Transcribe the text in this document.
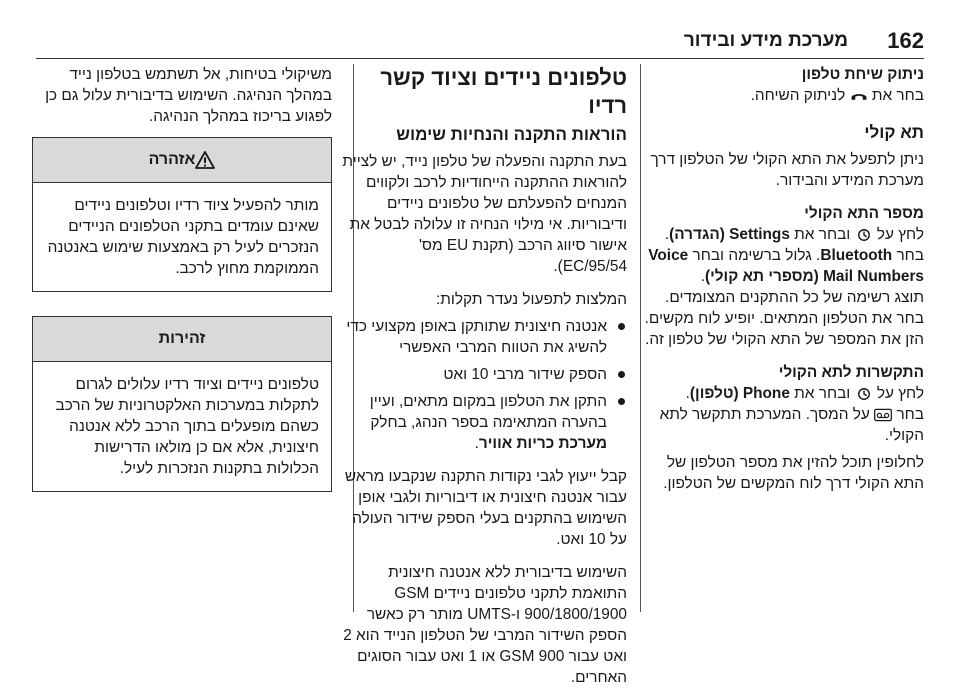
162
מערכת מידע ובידור

ניתוק שיחת טלפון

בחר את  לניתוק השיחה.

תא קולי

ניתן לתפעל את התא הקולי של הטלפון דרך מערכת המידע והבידור.

מספר התא הקולי

לחץ על  ובחר את Settings (הגדרה).

בחר Bluetooth. גלול ברשימה ובחר Voice Mail Numbers (מספרי תא קולי).

תוצג רשימה של כל ההתקנים המצומדים.

בחר את הטלפון המתאים. יופיע לוח מקשים.

הזן את המספר של התא הקולי של טלפון זה.

התקשרות לתא הקולי

לחץ על  ובחר את Phone (טלפון).

בחר  על המסך. המערכת תתקשר לתא הקולי.

לחלופין תוכל להזין את מספר הטלפון של התא הקולי דרך לוח המקשים של הטלפון.

טלפונים ניידים וציוד קשר רדיו

הוראות התקנה והנחיות שימוש

בעת התקנה והפעלה של טלפון נייד, יש לציית להוראות ההתקנה הייחודיות לרכב ולקווים המנחים להפעלתם של טלפונים ניידים ודיבוריות. אי מילוי הנחיה זו עלולה לבטל את אישור סיווג הרכב (תקנת EU מס' 95/54/EC).

המלצות לתפעול נעדר תקלות:

אנטנה חיצונית שתותקן באופן מקצועי כדי להשיג את הטווח המרבי האפשרי
הספק שידור מרבי 10 ואט
התקן את הטלפון במקום מתאים, ועיין בהערה המתאימה בספר הנהג, בחלק מערכת כריות אוויר.

קבל ייעוץ לגבי נקודות התקנה שנקבעו מראש עבור אנטנה חיצונית או דיבוריות ולגבי אופן השימוש בהתקנים בעלי הספק שידור העולה על 10 ואט.

השימוש בדיבורית ללא אנטנה חיצונית התואמת לתקני טלפונים ניידים GSM 900/1800/1900 ו-UMTS מותר רק כאשר הספק השידור המרבי של הטלפון הנייד הוא 2 ואט עבור GSM 900 או 1 ואט עבור הסוגים האחרים.

משיקולי בטיחות, אל תשתמש בטלפון נייד במהלך הנהיגה. השימוש בדיבורית עלול גם כן לפגוע בריכוז במהלך הנהיגה.

אזהרה
מותר להפעיל ציוד רדיו וטלפונים ניידים שאינם עומדים בתקני הטלפונים הניידים הנזכרים לעיל רק באמצעות שימוש באנטנה הממוקמת מחוץ לרכב.
זהירות
טלפונים ניידים וציוד רדיו עלולים לגרום לתקלות במערכות האלקטרוניות של הרכב כשהם מופעלים בתוך הרכב ללא אנטנה חיצונית, אלא אם כן מולאו הדרישות הכלולות בתקנות הנזכרות לעיל.
